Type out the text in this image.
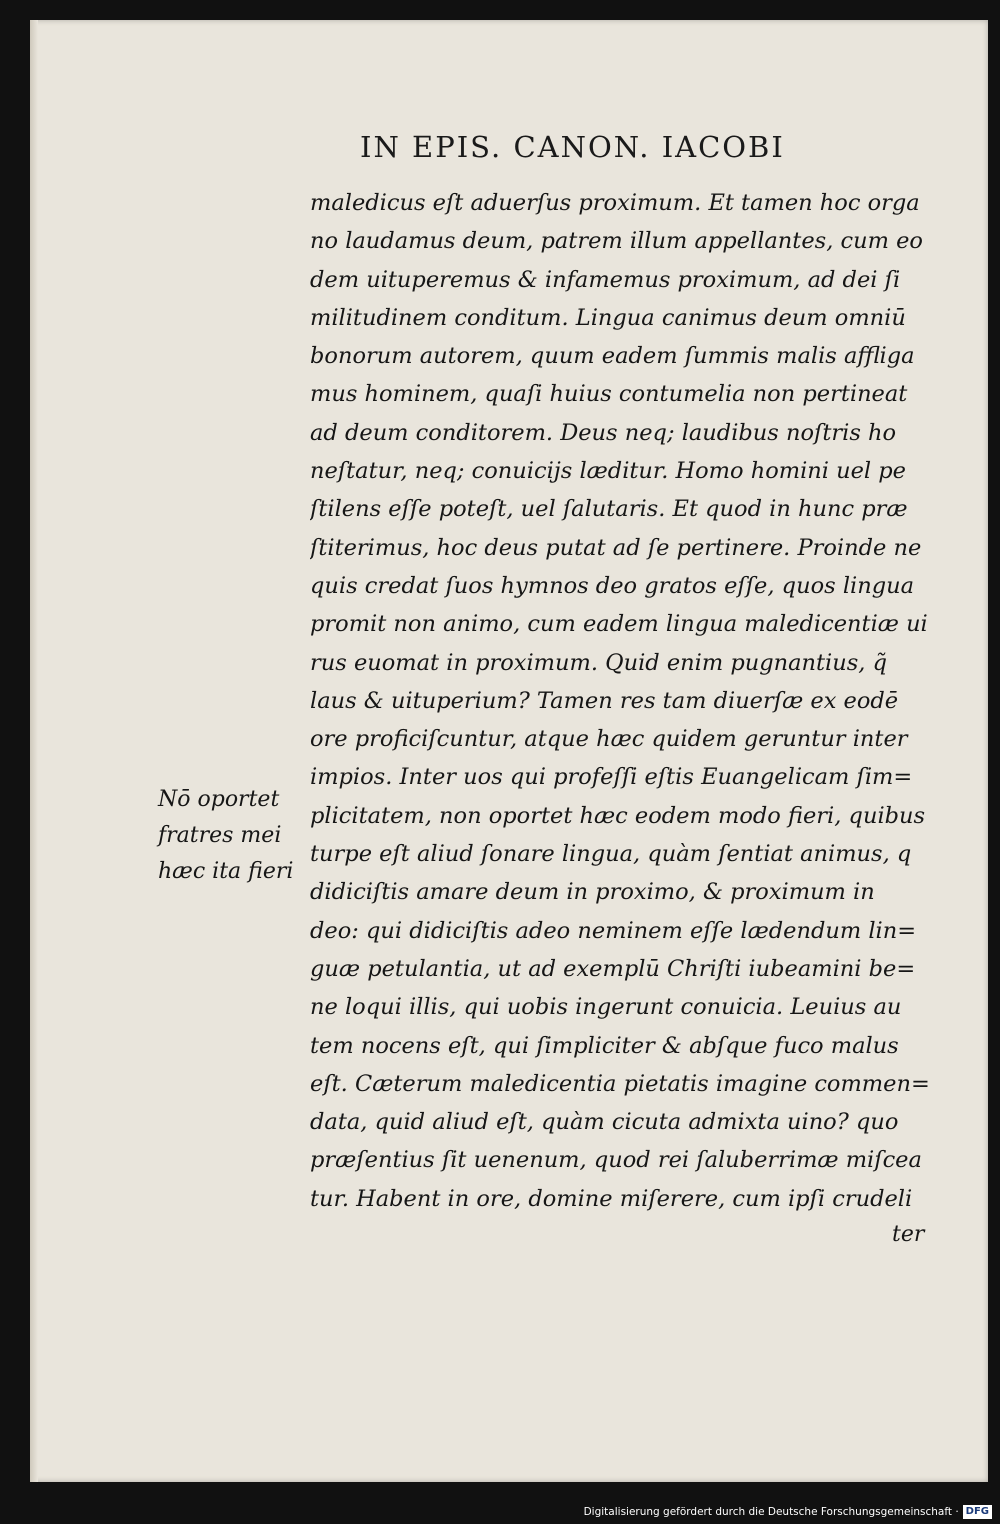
IN EPIS. CANON. IACOBI
maledicus eſt aduerſus proximum. Et tamen hoc orga
no laudamus deum, patrem illum appellantes, cum eo
dem uituperemus & infamemus proximum, ad dei ſi
militudinem conditum. Lingua canimus deum omniū
bonorum autorem, quum eadem ſummis malis affliga
mus hominem, quaſi huius contumelia non pertineat
ad deum conditorem. Deus neq; laudibus noſtris ho
neſtatur, neq; conuicijs læditur. Homo homini uel pe
ſtilens eſſe poteſt, uel ſalutaris. Et quod in hunc præ
ſtiterimus, hoc deus putat ad ſe pertinere. Proinde ne
quis credat ſuos hymnos deo gratos eſſe, quos lingua
promit non animo, cum eadem lingua maledicentiæ ui
rus euomat in proximum. Quid enim pugnantius, q̃
laus & uituperium? Tamen res tam diuerſæ ex eodē
ore proficiſcuntur, atque hæc quidem geruntur inter
impios. Inter uos qui profeſſi eſtis Euangelicam ſim=
plicitatem, non oportet hæc eodem modo fieri, quibus
turpe eſt aliud ſonare lingua, quàm ſentiat animus, q
didiciſtis amare deum in proximo, & proximum in
deo: qui didiciſtis adeo neminem eſſe lædendum lin=
guæ petulantia, ut ad exemplū Chriſti iubeamini be=
ne loqui illis, qui uobis ingerunt conuicia. Leuius au
tem nocens eſt, qui ſimpliciter & abſque fuco malus
eſt. Cæterum maledicentia pietatis imagine commen=
data, quid aliud eſt, quàm cicuta admixta uino? quo
præſentius ſit uenenum, quod rei ſaluberrimæ miſcea
tur. Habent in ore, domine miſerere, cum ipſi crudeli
Nō oportet
fratres mei
hæc ita fieri
ter
Digitalisierung gefördert durch die Deutsche Forschungsgemeinschaft · DFG
